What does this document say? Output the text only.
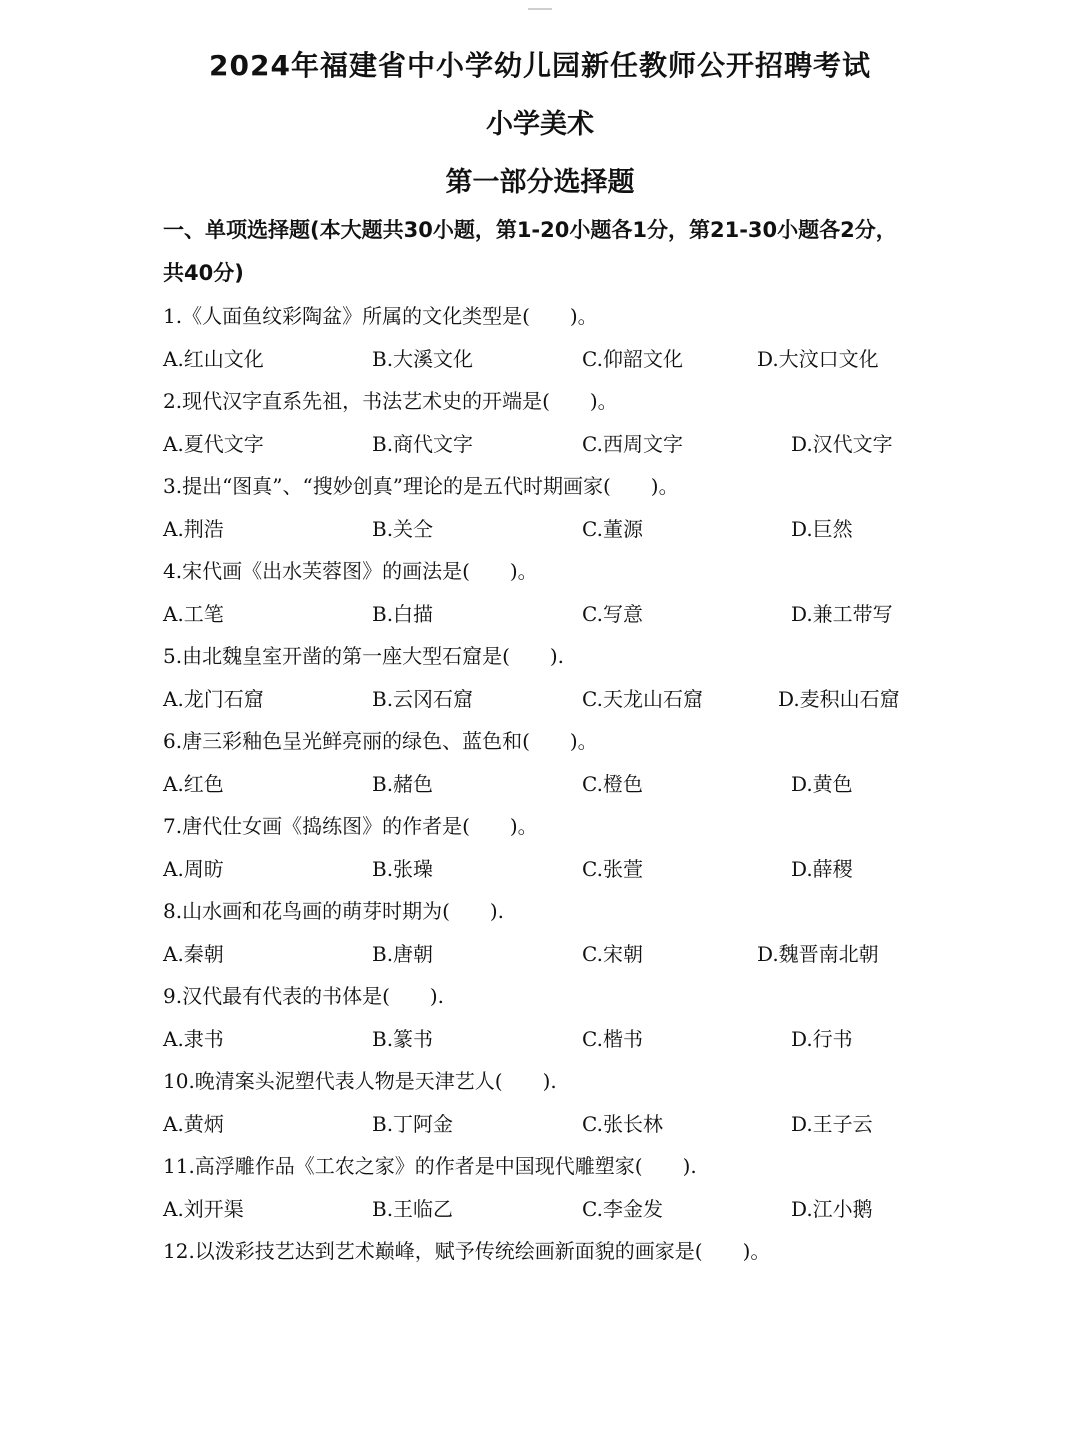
2024年福建省中小学幼儿园新任教师公开招聘考试
小学美术
第一部分选择题
一、单项选择题(本大题共30小题，第1-20小题各1分，第21-30小题各2分，
共40分)
1.《人面鱼纹彩陶盆》所属的文化类型是(　　)。
A.红山文化	B.大溪文化	C.仰韶文化	D.大汶口文化
2.现代汉字直系先祖，书法艺术史的开端是(　　)。
A.夏代文字	B.商代文字	C.西周文字	D.汉代文字
3.提出“图真”、“搜妙创真”理论的是五代时期画家(　　)。
A.荆浩	B.关仝	C.董源	D.巨然
4.宋代画《出水芙蓉图》的画法是(　　)。
A.工笔	B.白描	C.写意	D.兼工带写
5.由北魏皇室开凿的第一座大型石窟是(　　).
A.龙门石窟	B.云冈石窟	C.天龙山石窟	D.麦积山石窟
6.唐三彩釉色呈光鲜亮丽的绿色、蓝色和(　　)。
A.红色	B.赭色	C.橙色	D.黄色
7.唐代仕女画《捣练图》的作者是(　　)。
A.周昉	B.张璪	C.张萱	D.薛稷
8.山水画和花鸟画的萌芽时期为(　　).
A.秦朝	B.唐朝	C.宋朝	D.魏晋南北朝
9.汉代最有代表的书体是(　　).
A.隶书	B.篆书	C.楷书	D.行书
10.晚清案头泥塑代表人物是天津艺人(　　).
A.黄炳	B.丁阿金	C.张长林	D.王子云
11.高浮雕作品《工农之家》的作者是中国现代雕塑家(　　).
A.刘开渠	B.王临乙	C.李金发	D.江小鹅
12.以泼彩技艺达到艺术巅峰，赋予传统绘画新面貌的画家是(　　)。
